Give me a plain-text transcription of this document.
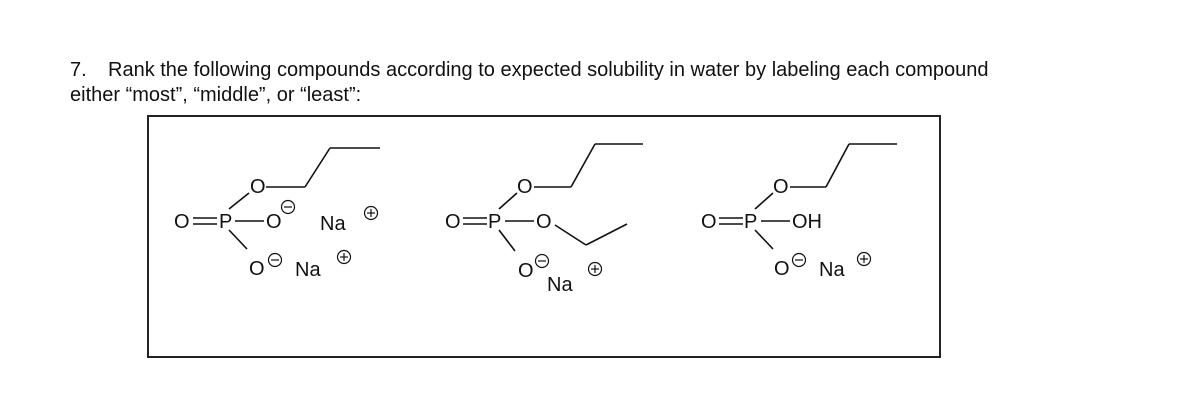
7. Rank the following compounds according to expected solubility in water by labeling each compound
either “most”, “middle”, or “least”:

O P O Na
O
O Na
O P O
O
O
Na
O P OH
O
O Na
